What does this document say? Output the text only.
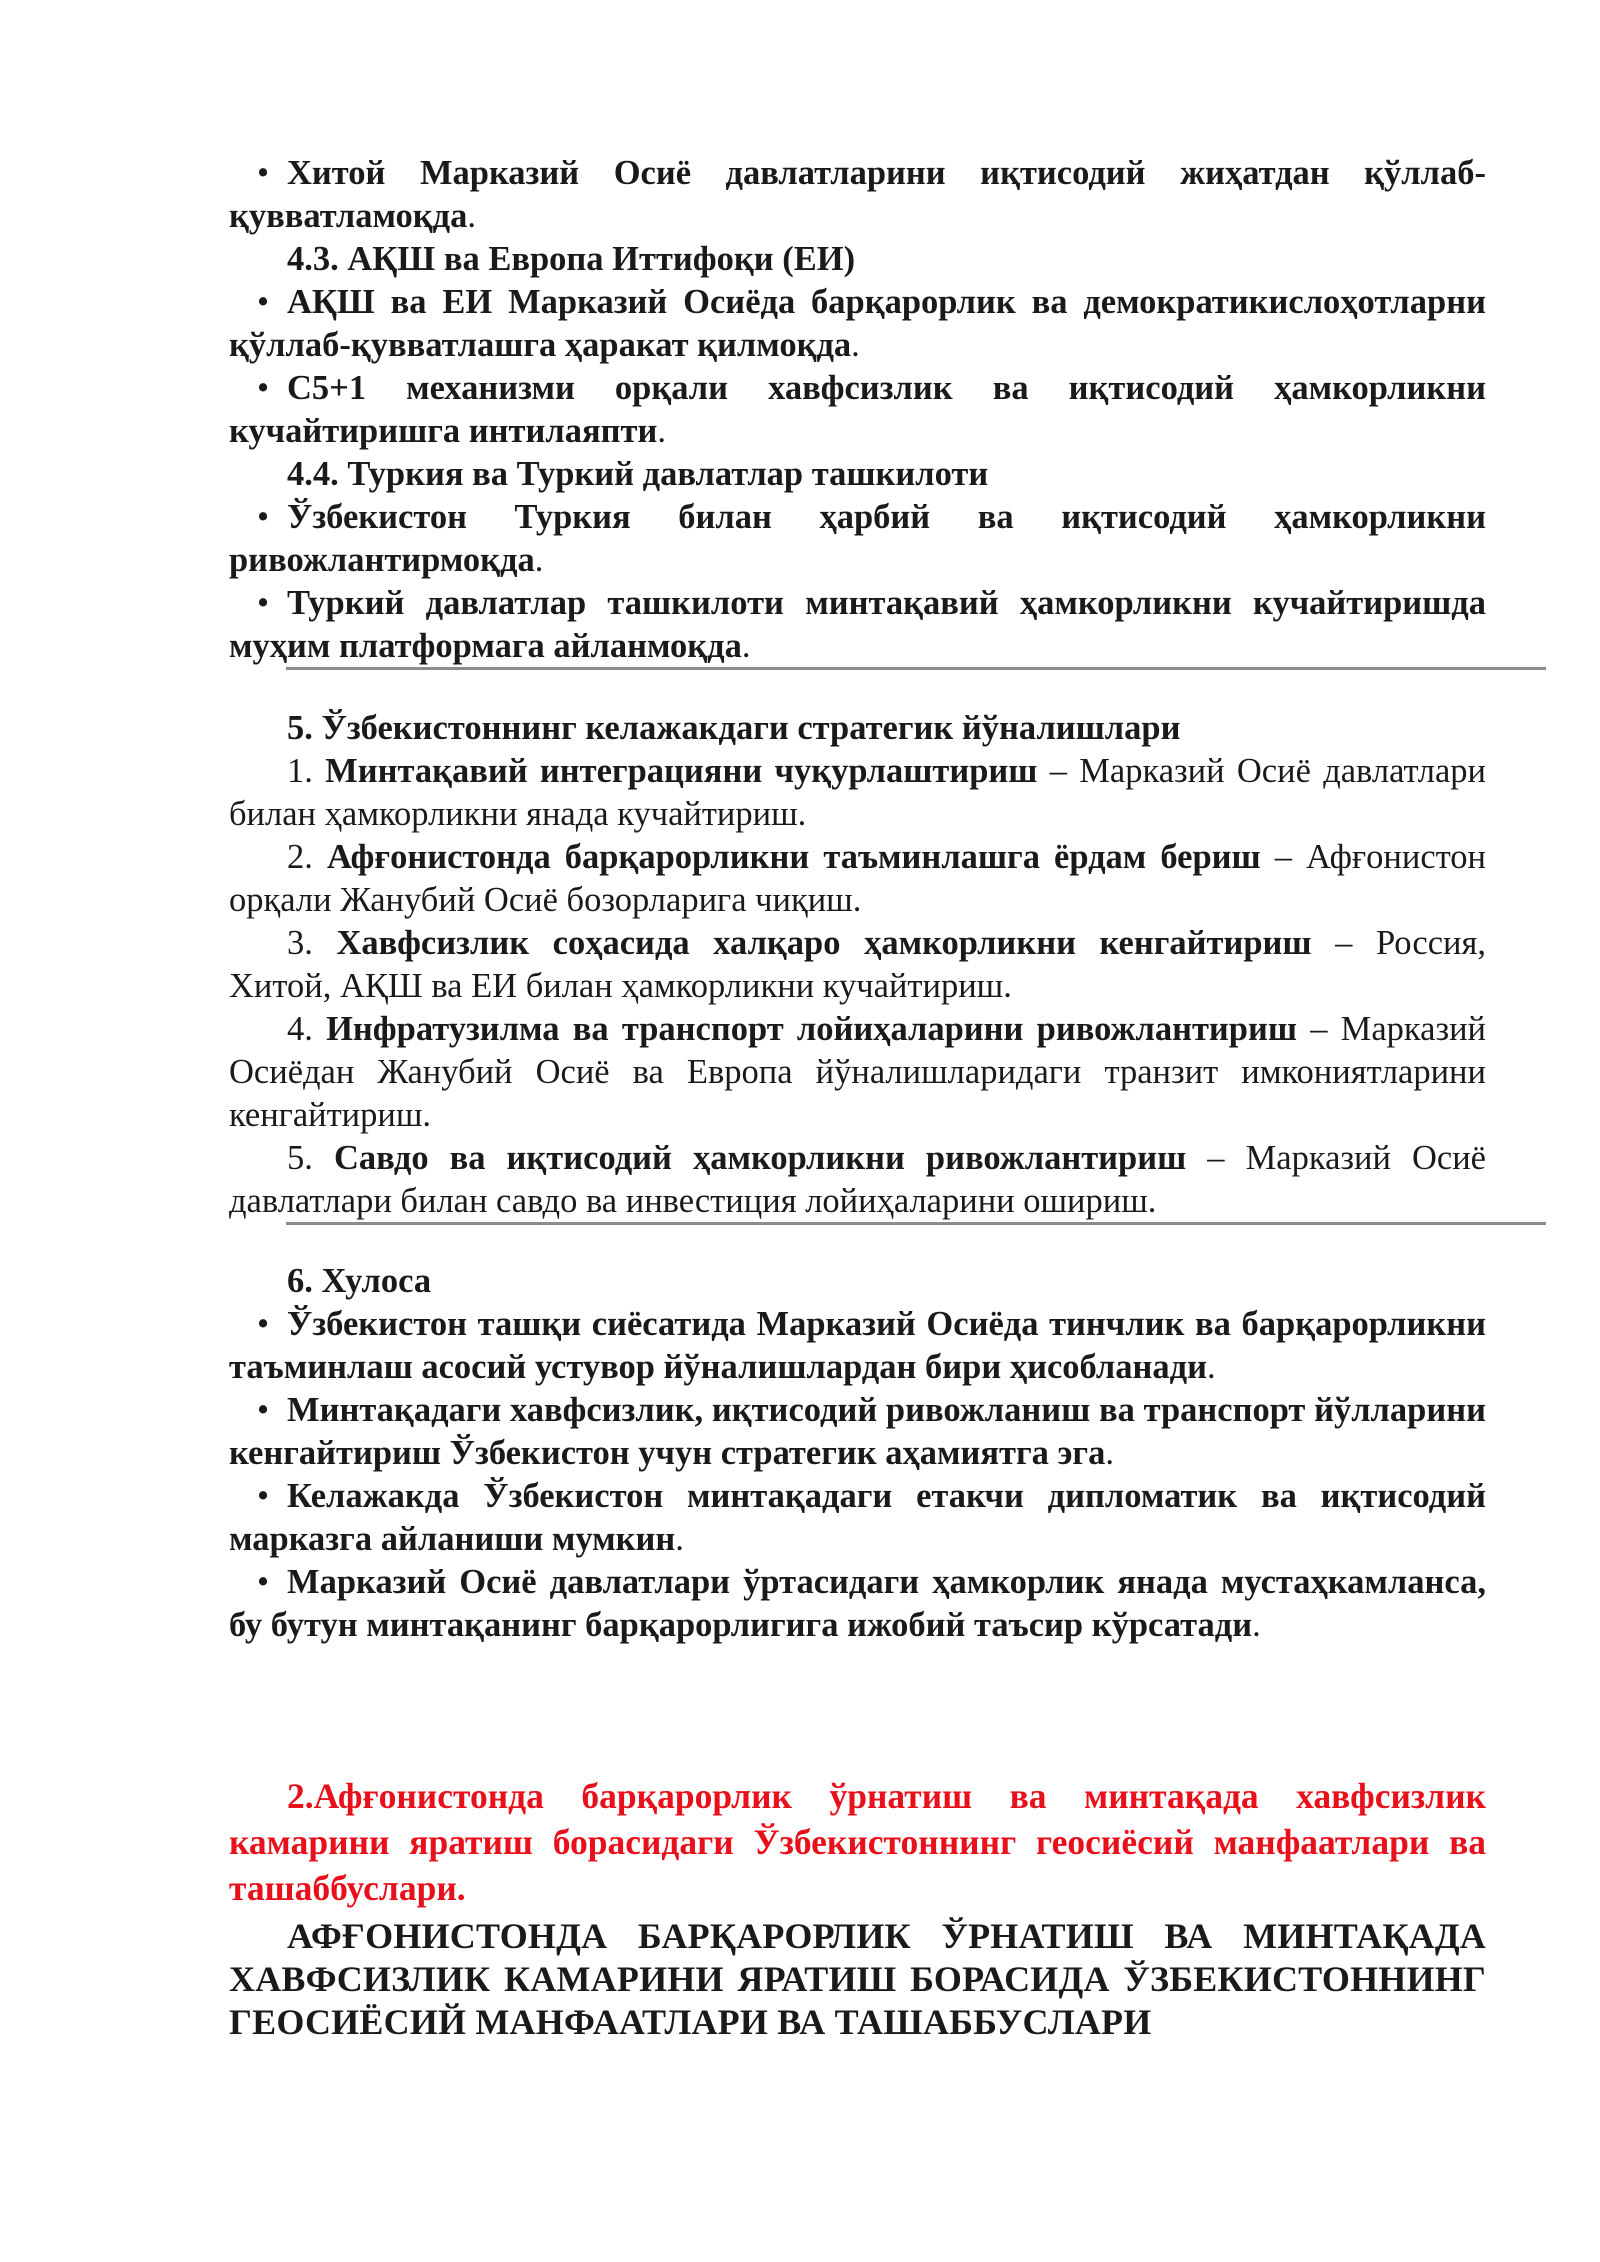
• Хитой Марказий Осиё давлатларини иқтисодий жиҳатдан қўллаб-қувватламоқда.

4.3. АҚШ ва Европа Иттифоқи (ЕИ)

• АҚШ ва ЕИ Марказий Осиёда барқарорлик ва демократикислоҳотларни қўллаб-қувватлашга ҳаракат қилмоқда.

• C5+1 механизми орқали хавфсизлик ва иқтисодий ҳамкорликни кучайтиришга интилаяпти.

4.4. Туркия ва Туркий давлатлар ташкилоти

• Ўзбекистон Туркия билан ҳарбий ва иқтисодий ҳамкорликни ривожлантирмоқда.

• Туркий давлатлар ташкилоти минтақавий ҳамкорликни кучайтиришда муҳим платформага айланмоқда.

5. Ўзбекистоннинг келажакдаги стратегик йўналишлари

1. Минтақавий интеграцияни чуқурлаштириш – Марказий Осиё давлатлари билан ҳамкорликни янада кучайтириш.

2. Афғонистонда барқарорликни таъминлашга ёрдам бериш – Афғонистон орқали Жанубий Осиё бозорларига чиқиш.

3. Хавфсизлик соҳасида халқаро ҳамкорликни кенгайтириш – Россия, Хитой, АҚШ ва ЕИ билан ҳамкорликни кучайтириш.

4. Инфратузилма ва транспорт лойиҳаларини ривожлантириш – Марказий Осиёдан Жанубий Осиё ва Европа йўналишларидаги транзит имкониятларини кенгайтириш.

5. Савдо ва иқтисодий ҳамкорликни ривожлантириш – Марказий Осиё давлатлари билан савдо ва инвестиция лойиҳаларини ошириш.

6. Хулоса

• Ўзбекистон ташқи сиёсатида Марказий Осиёда тинчлик ва барқарорликни таъминлаш асосий устувор йўналишлардан бири ҳисобланади.

• Минтақадаги хавфсизлик, иқтисодий ривожланиш ва транспорт йўлларини кенгайтириш Ўзбекистон учун стратегик аҳамиятга эга.

• Келажакда Ўзбекистон минтақадаги етакчи дипломатик ва иқтисодий марказга айланиши мумкин.

• Марказий Осиё давлатлари ўртасидаги ҳамкорлик янада мустаҳкамланса, бу бутун минтақанинг барқарорлигига ижобий таъсир кўрсатади.

2.Афғонистонда барқарорлик ўрнатиш ва минтақада хавфсизлик камарини яратиш борасидаги Ўзбекистоннинг геосиёсий манфаатлари ва ташаббуслари.

АФҒОНИСТОНДА БАРҚАРОРЛИК ЎРНАТИШ ВА МИНТАҚАДА ХАВФСИЗЛИК КАМАРИНИ ЯРАТИШ БОРАСИДА ЎЗБЕКИСТОННИНГ ГЕОСИЁСИЙ МАНФААТЛАРИ ВА ТАШАББУСЛАРИ
